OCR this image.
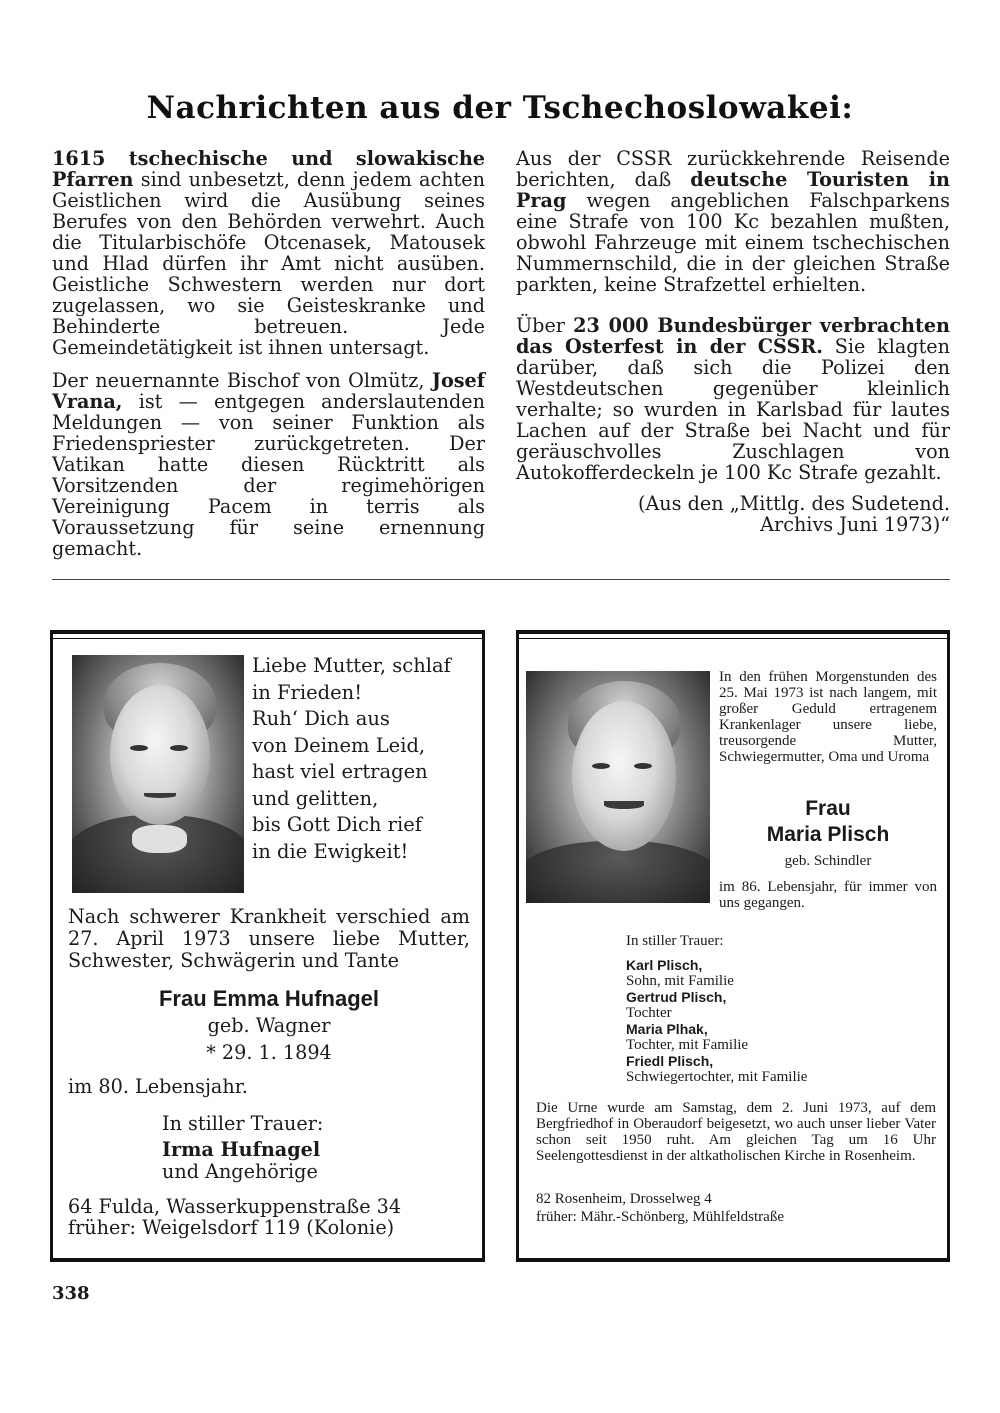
Nachrichten aus der Tschechoslowakei:

1615 tschechische und slowakische Pfarren sind unbesetzt, denn jedem achten Geistlichen wird die Ausübung seines Berufes von den Behörden verwehrt. Auch die Titularbischöfe Otcenasek, Matousek und Hlad dürfen ihr Amt nicht ausüben. Geistliche Schwestern werden nur dort zugelassen, wo sie Geisteskranke und Behinderte betreuen. Jede Gemeindetätigkeit ist ihnen untersagt.

Der neuernannte Bischof von Olmütz, Josef Vrana, ist — entgegen anderslautenden Meldungen — von seiner Funktion als Friedenspriester zurückgetreten. Der Vatikan hatte diesen Rücktritt als Vorsitzenden der regimehörigen Vereinigung Pacem in terris als Voraussetzung für seine ernennung gemacht.

Aus der CSSR zurückkehrende Reisende berichten, daß deutsche Touristen in Prag wegen angeblichen Falschparkens eine Strafe von 100 Kc bezahlen mußten, obwohl Fahrzeuge mit einem tschechischen Nummernschild, die in der gleichen Straße parkten, keine Strafzettel erhielten.

Über 23 000 Bundesbürger verbrachten das Osterfest in der CSSR. Sie klagten darüber, daß sich die Polizei den Westdeutschen gegenüber kleinlich verhalte; so wurden in Karlsbad für lautes Lachen auf der Straße bei Nacht und für geräuschvolles Zuschlagen von Autokofferdeckeln je 100 Kc Strafe gezahlt.

(Aus den „Mittlg. des Sudetend.
Archivs Juni 1973)“
Liebe Mutter, schlaf
in Frieden!
Ruh‘ Dich aus
von Deinem Leid,
hast viel ertragen
und gelitten,
bis Gott Dich rief
in die Ewigkeit!
Nach schwerer Krankheit verschied am 27. April 1973 unsere liebe Mutter, Schwester, Schwägerin und Tante
Frau Emma Hufnagel
geb. Wagner
* 29. 1. 1894
im 80. Lebensjahr.
In stiller Trauer:
Irma Hufnagel
und Angehörige
64 Fulda, Wasserkuppenstraße 34
früher: Weigelsdorf 119 (Kolonie)
In den frühen Morgenstunden des 25. Mai 1973 ist nach langem, mit großer Geduld ertragenem Krankenlager unsere liebe, treusorgende Mutter, Schwiegermutter, Oma und Uroma
Frau
Maria Plisch
geb. Schindler
im 86. Lebensjahr, für immer von uns gegangen.
In stiller Trauer:
Karl Plisch,
Sohn, mit Familie
Gertrud Plisch,
Tochter
Maria Plhak,
Tochter, mit Familie
Friedl Plisch,
Schwiegertochter, mit Familie
Die Urne wurde am Samstag, dem 2. Juni 1973, auf dem Bergfriedhof in Oberaudorf beigesetzt, wo auch unser lieber Vater schon seit 1950 ruht. Am gleichen Tag um 16 Uhr Seelengottesdienst in der altkatholischen Kirche in Rosenheim.
82 Rosenheim, Drosselweg 4
früher: Mähr.-Schönberg, Mühlfeldstraße
338
